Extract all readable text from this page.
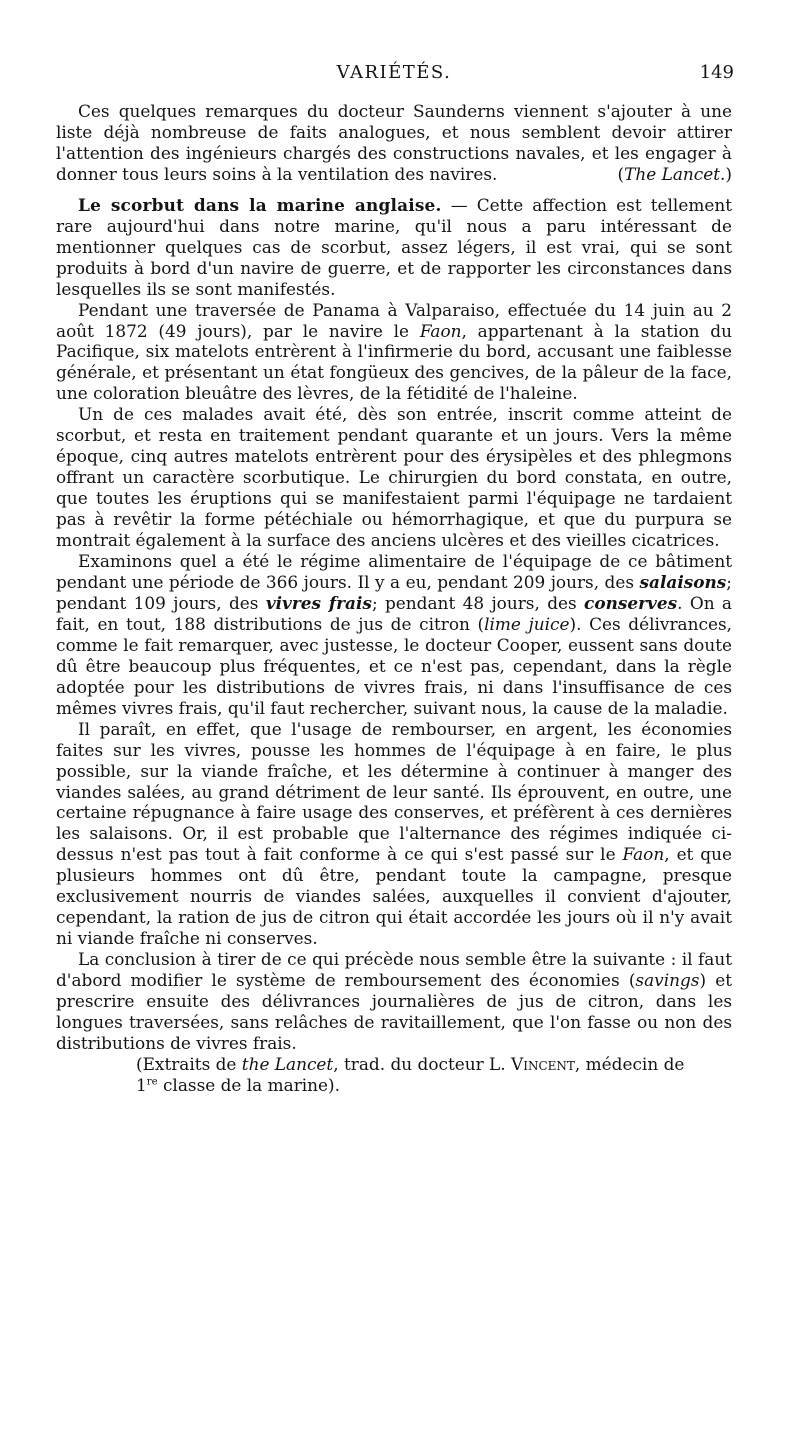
VARIÉTÉS.	149

Ces quelques remarques du docteur Saunderns viennent s'ajouter à une liste déjà nombreuse de faits analogues, et nous semblent devoir attirer l'attention des ingénieurs chargés des constructions navales, et les engager à donner tous leurs soins à la ventilation des navires.	(The Lancet.)

Le scorbut dans la marine anglaise. — Cette affection est tellement rare aujourd'hui dans notre marine, qu'il nous a paru intéressant de mentionner quelques cas de scorbut, assez légers, il est vrai, qui se sont produits à bord d'un navire de guerre, et de rapporter les circonstances dans lesquelles ils se sont manifestés.

Pendant une traversée de Panama à Valparaiso, effectuée du 14 juin au 2 août 1872 (49 jours), par le navire le Faon, appartenant à la station du Pacifique, six matelots entrèrent à l'infirmerie du bord, accusant une faiblesse générale, et présentant un état fongüeux des gencives, de la pâleur de la face, une coloration bleuâtre des lèvres, de la fétidité de l'haleine.

Un de ces malades avait été, dès son entrée, inscrit comme atteint de scorbut, et resta en traitement pendant quarante et un jours. Vers la même époque, cinq autres matelots entrèrent pour des érysipèles et des phlegmons offrant un caractère scorbutique. Le chirurgien du bord constata, en outre, que toutes les éruptions qui se manifestaient parmi l'équipage ne tardaient pas à revêtir la forme pétéchiale ou hémorrhagique, et que du purpura se montrait également à la surface des anciens ulcères et des vieilles cicatrices.

Examinons quel a été le régime alimentaire de l'équipage de ce bâtiment pendant une période de 366 jours. Il y a eu, pendant 209 jours, des salaisons; pendant 109 jours, des vivres frais; pendant 48 jours, des conserves. On a fait, en tout, 188 distributions de jus de citron (lime juice). Ces délivrances, comme le fait remarquer, avec justesse, le docteur Cooper, eussent sans doute dû être beaucoup plus fréquentes, et ce n'est pas, cependant, dans la règle adoptée pour les distributions de vivres frais, ni dans l'insuffisance de ces mêmes vivres frais, qu'il faut rechercher, suivant nous, la cause de la maladie.

Il paraît, en effet, que l'usage de rembourser, en argent, les économies faites sur les vivres, pousse les hommes de l'équipage à en faire, le plus possible, sur la viande fraîche, et les détermine à continuer à manger des viandes salées, au grand détriment de leur santé. Ils éprouvent, en outre, une certaine répugnance à faire usage des conserves, et préfèrent à ces dernières les salaisons. Or, il est probable que l'alternance des régimes indiquée ci-dessus n'est pas tout à fait conforme à ce qui s'est passé sur le Faon, et que plusieurs hommes ont dû être, pendant toute la campagne, presque exclusivement nourris de viandes salées, auxquelles il convient d'ajouter, cependant, la ration de jus de citron qui était accordée les jours où il n'y avait ni viande fraîche ni conserves.

La conclusion à tirer de ce qui précède nous semble être la suivante : il faut d'abord modifier le système de remboursement des économies (savings) et prescrire ensuite des délivrances journalières de jus de citron, dans les longues traversées, sans relâches de ravitaillement, que l'on fasse ou non des distributions de vivres frais.

(Extraits de the Lancet, trad. du docteur L. Vincent, médecin de
1re classe de la marine).
